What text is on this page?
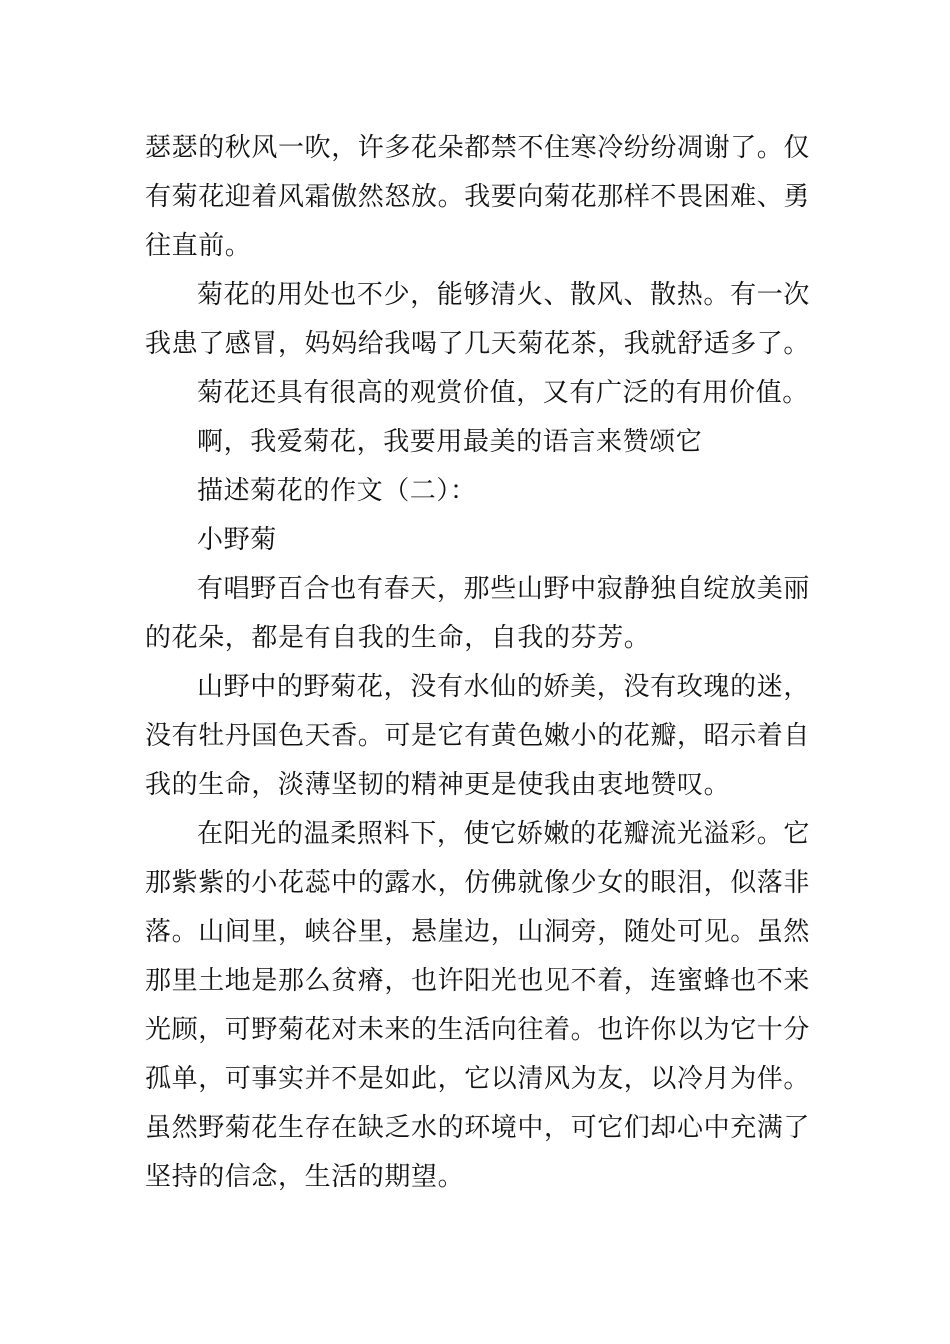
瑟瑟的秋风一吹，许多花朵都禁不住寒冷纷纷凋谢了。仅有菊花迎着风霜傲然怒放。我要向菊花那样不畏困难、勇往直前。

菊花的用处也不少，能够清火、散风、散热。有一次我患了感冒，妈妈给我喝了几天菊花茶，我就舒适多了。

菊花还具有很高的观赏价值，又有广泛的有用价值。

啊，我爱菊花，我要用最美的语言来赞颂它

描述菊花的作文（二）：

小野菊

有唱野百合也有春天，那些山野中寂静独自绽放美丽的花朵，都是有自我的生命，自我的芬芳。

山野中的野菊花，没有水仙的娇美，没有玫瑰的迷，没有牡丹国色天香。可是它有黄色嫩小的花瓣，昭示着自我的生命，淡薄坚韧的精神更是使我由衷地赞叹。

在阳光的温柔照料下，使它娇嫩的花瓣流光溢彩。它那紫紫的小花蕊中的露水，仿佛就像少女的眼泪，似落非落。山间里，峡谷里，悬崖边，山洞旁，随处可见。虽然那里土地是那么贫瘠，也许阳光也见不着，连蜜蜂也不来光顾，可野菊花对未来的生活向往着。也许你以为它十分孤单，可事实并不是如此，它以清风为友，以冷月为伴。虽然野菊花生存在缺乏水的环境中，可它们却心中充满了坚持的信念，生活的期望。
